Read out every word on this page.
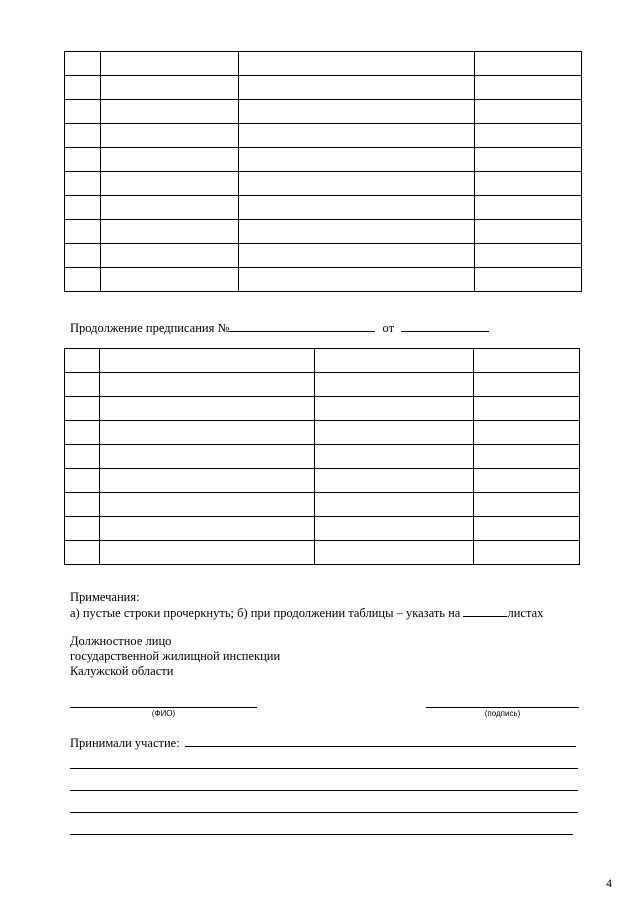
Продолжение предписания №	от

Примечания:
а) пустые строки прочеркнуть; б) при продолжении таблицы – указать на	листах
Должностное лицо
государственной жилищной инспекции
Калужской области
(ФИО)	(подпись)
Принимали участие:
4
